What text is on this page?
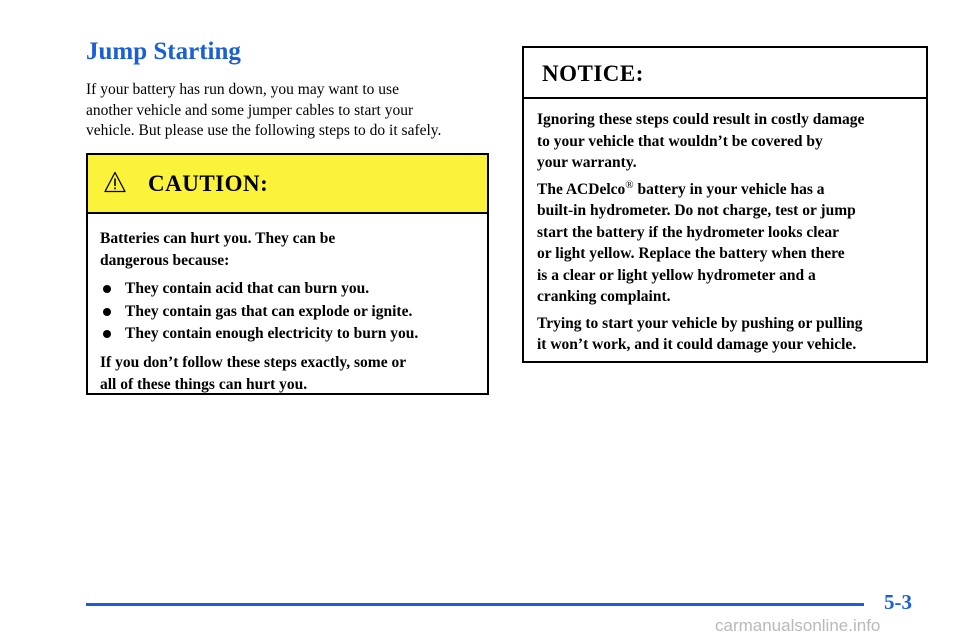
Jump Starting
If your battery has run down, you may want to use
another vehicle and some jumper cables to start your
vehicle. But please use the following steps to do it safely.
CAUTION:
Batteries can hurt you. They can be
dangerous because:
They contain acid that can burn you.
They contain gas that can explode or ignite.
They contain enough electricity to burn you.
If you don’t follow these steps exactly, some or
all of these things can hurt you.
NOTICE:

Ignoring these steps could result in costly damage
to your vehicle that wouldn’t be covered by
your warranty.

The ACDelco® battery in your vehicle has a
built-in hydrometer. Do not charge, test or jump
start the battery if the hydrometer looks clear
or light yellow. Replace the battery when there
is a clear or light yellow hydrometer and a
cranking complaint.

Trying to start your vehicle by pushing or pulling
it won’t work, and it could damage your vehicle.

5-3
carmanualsonline.info
